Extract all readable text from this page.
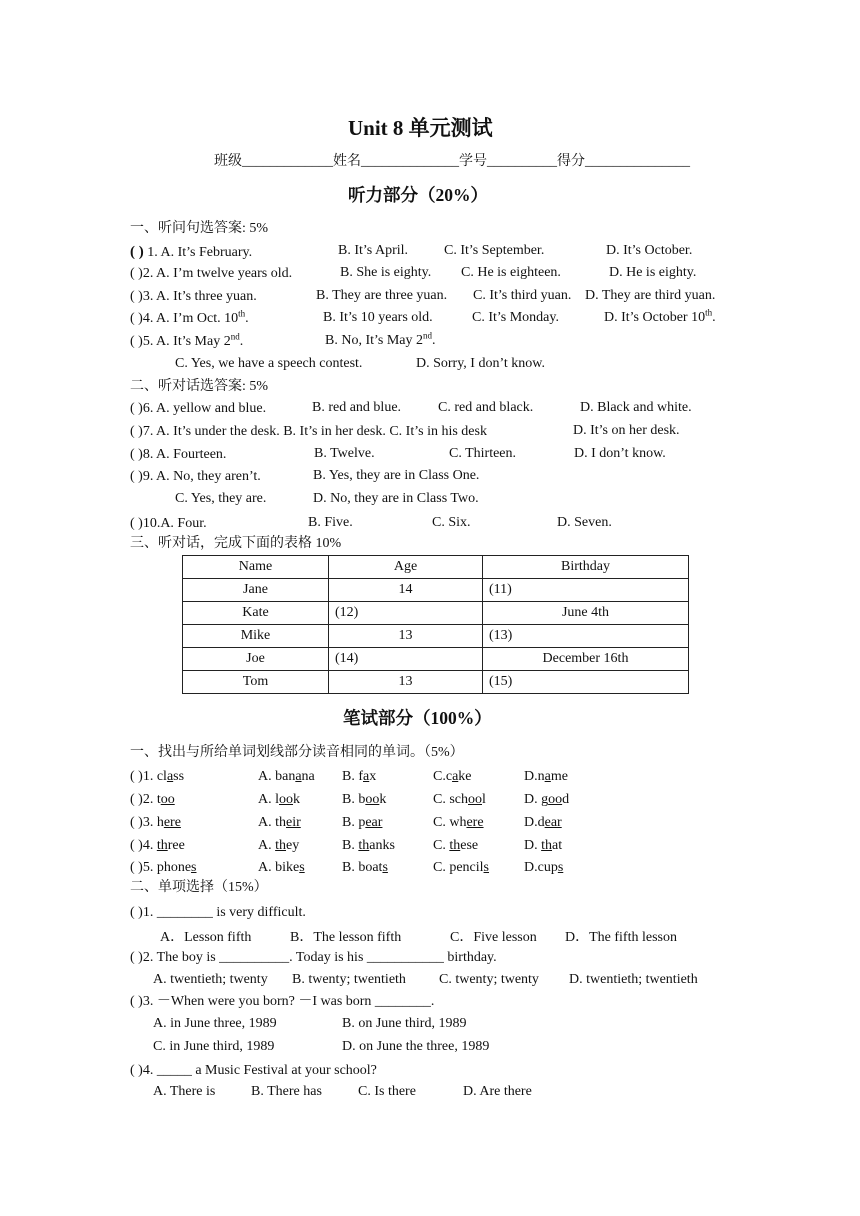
Unit 8 单元测试
班级_____________姓名______________学号__________得分_______________
听力部分（20%）
一、听问句选答案: 5%
( ) 1. A. It’s February.	B. It’s April.	C. It’s September.	D. It’s October.
( )2. A. I’m twelve years old.	B. She is eighty. C. He is eighteen.	D. He is eighty.
( )3. A. It’s three yuan.	B. They are three yuan. C. It’s third yuan. D. They are third yuan.
( )4. A. I’m Oct. 10th.	B. It’s 10 years old.	C. It’s Monday.	D. It’s October 10th.
( )5. A. It’s May 2nd.	B. No, It’s May 2nd.
C. Yes, we have a speech contest.	D. Sorry, I don’t know.
二、听对话选答案: 5%
( )6. A. yellow and blue.	B. red and blue.	C. red and black.	D. Black and white.
( )7. A. It’s under the desk. B. It’s in her desk. C. It’s in his desk	D. It’s on her desk.
( )8. A. Fourteen.	B. Twelve.	C. Thirteen.	D. I don’t know.
( )9. A. No, they aren’t.	B. Yes, they are in Class One.
C. Yes, they are.	D. No, they are in Class Two.
( )10.A. Four.	B. Five.	C. Six.	D. Seven.
三、听对话，完成下面的表格 10%
Name	Age	Birthday
Jane	14	(11)
Kate	(12)	June 4th
Mike	13	(13)
Joe	(14)	December 16th
Tom	13	(15)
笔试部分（100%）
一、找出与所给单词划线部分读音相同的单词。（5%）
( )1. class	A. banana B. fax	C.cake	D.name
( )2. too	A. look	B. book	C. school	D. good
( )3. here	A. their	B. pear	C. where	D.dear
( )4. three	A. they	B. thanks	C. these	D. that
( )5. phones	A. bikes	B. boats	C. pencils	D.cups
二、单项选择（15%）
( )1. ________ is very difficult.
A．Lesson fifth	B．The lesson fifth	C．Five lesson D．The fifth lesson
( )2. The boy is __________. Today is his ___________ birthday.
A. twentieth; twenty B. twenty; twentieth C. twenty; twenty D. twentieth; twentieth
( )3. －When were you born? －I was born ________.
A. in June three, 1989	B. on June third, 1989
C. in June third, 1989	D. on June the three, 1989
( )4. _____ a Music Festival at your school?
A. There is	B. There has	C. Is there	D. Are there
